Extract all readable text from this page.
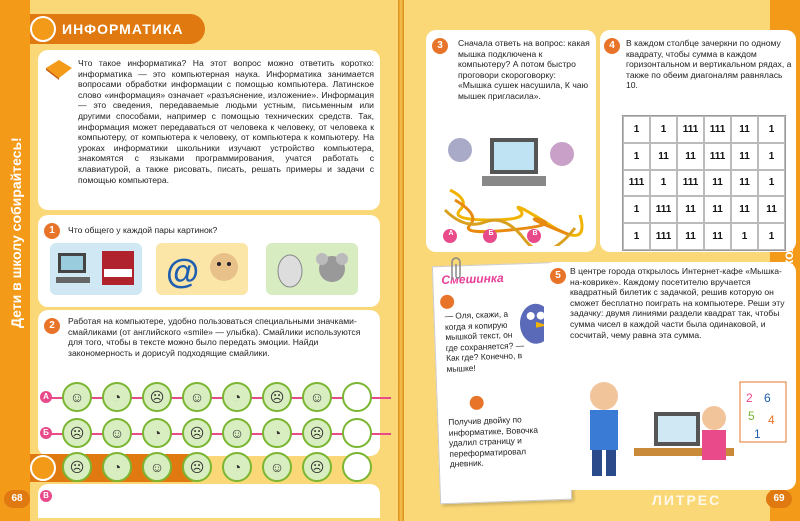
Дети в школу собирайтесь!
ИНФОРМАТИКА
Что такое информатика? На этот вопрос можно ответить коротко: информатика — это компьютерная наука. Информатика занимается вопросами обработки информации с помощью компьютера. Латинское слово «информация» означает «разъяснение, изложение». Информация — это сведения, передаваемые людьми устным, письменным или другими способами, например с помощью технических средств. Так, информация может передаваться от человека к человеку, от человека к компьютеру, от компьютера к человеку, от компьютера к компьютеру. На уроках информатики школьники изучают устройство компьютера, знакомятся с языками программирования, учатся работать с клавиатурой, а также рисовать, писать, решать примеры и задачи с помощью компьютера.
1	Что общего у каждой пары картинок?
@
2	Работая на компьютере, удобно пользоваться специальными значками-смайликами (от английского «smile» — улыбка). Смайлики используются для того, чтобы в тексте можно было передать эмоции. Найди закономерность и дорисуй подходящие смайлики.
А
Б
☺	◔	☹	☺	◔	☹	☺
☹	☺	◔	☹	☺	◔	☹
В
☹	◔	☺	☹	◔	☺	☹
68
3	Сначала ответь на вопрос: какая мышка подключена к компьютеру? А потом быстро проговори скороговорку: «Мышка сушек насушила, К чаю мышек пригласила».
А	Б	В
4	В каждом столбце зачеркни по одному квадрату, чтобы сумма в каждом горизонтальном и вертикальном рядах, а также по обеим диагоналям равнялась 10.
1	1	111	111	11	1
1	11	11	111	11	1
111	1	111	11	11	1
1	111	11	11	11	11
1	111	11	11	1	1
Смешинка
— Оля, скажи, а когда я копирую мышкой текст, он где сохраняется? — Как где? Конечно, в мышке!
Получив двойку по информатике, Вовочка удалил страницу и переформатировал дневник.
5	В центре города открылось Интернет-кафе «Мышка-на-коврике». Каждому посетителю вручается квадратный билетик с задачкой, решив которую он сможет бесплатно поиграть на компьютере. Реши эту задачку: двумя линиями раздели квадрат так, чтобы сумма чисел в каждой части была одинаковой, и сосчитай, чему равна эта сумма.
2 6
5 4
1
69
ЛИТРЕС
